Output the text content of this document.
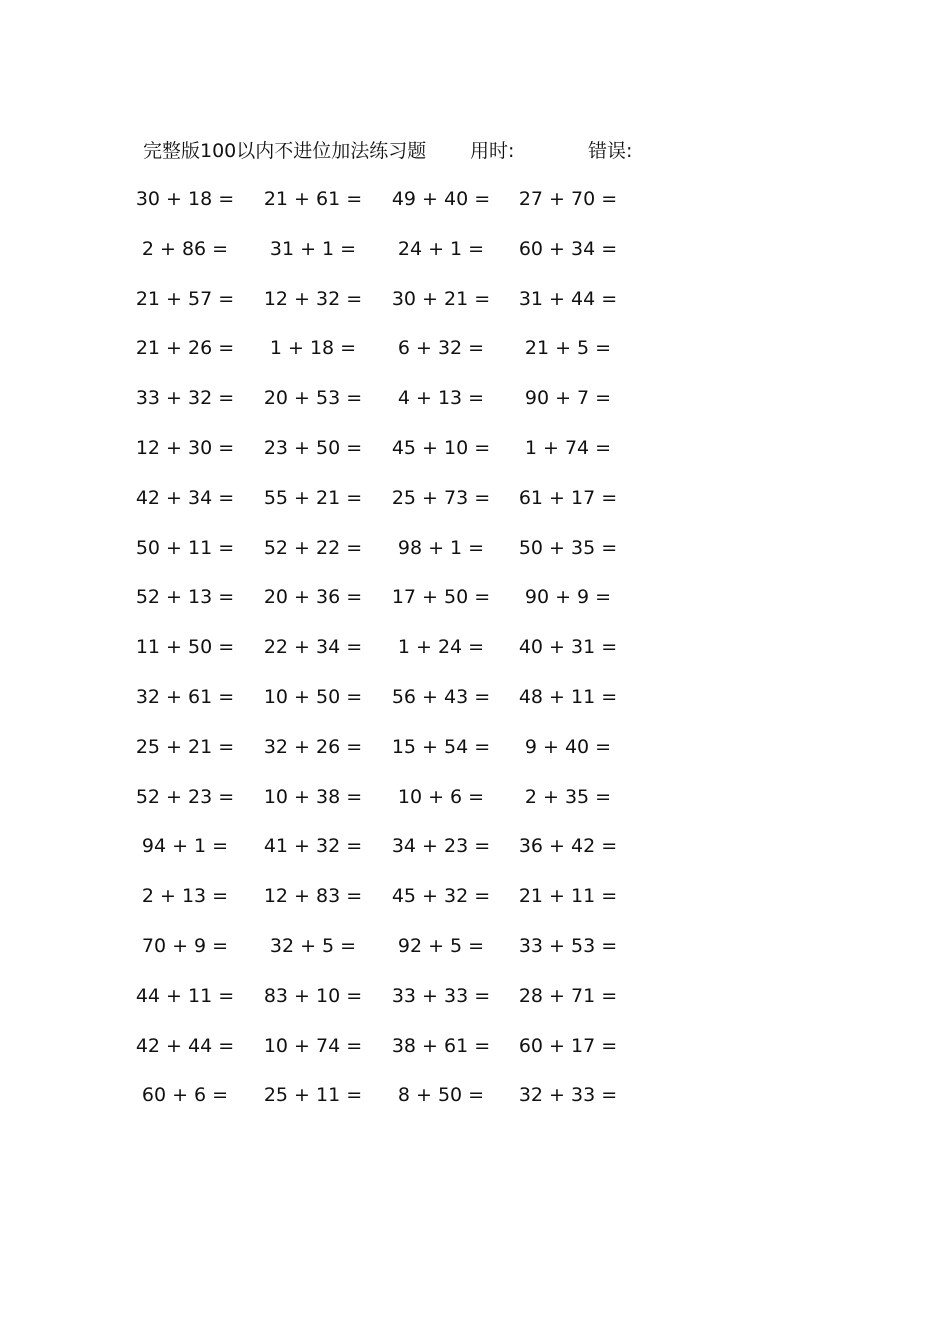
完整版100以内不进位加法练习题 用时:	错误:
30 + 18 =	21 + 61 =	49 + 40 =	27 + 70 =
2 + 86 =	31 + 1 =	24 + 1 =	60 + 34 =
21 + 57 =	12 + 32 =	30 + 21 =	31 + 44 =
21 + 26 =	1 + 18 =	6 + 32 =	21 + 5 =
33 + 32 =	20 + 53 =	4 + 13 =	90 + 7 =
12 + 30 =	23 + 50 =	45 + 10 =	1 + 74 =
42 + 34 =	55 + 21 =	25 + 73 =	61 + 17 =
50 + 11 =	52 + 22 =	98 + 1 =	50 + 35 =
52 + 13 =	20 + 36 =	17 + 50 =	90 + 9 =
11 + 50 =	22 + 34 =	1 + 24 =	40 + 31 =
32 + 61 =	10 + 50 =	56 + 43 =	48 + 11 =
25 + 21 =	32 + 26 =	15 + 54 =	9 + 40 =
52 + 23 =	10 + 38 =	10 + 6 =	2 + 35 =
94 + 1 =	41 + 32 =	34 + 23 =	36 + 42 =
2 + 13 =	12 + 83 =	45 + 32 =	21 + 11 =
70 + 9 =	32 + 5 =	92 + 5 =	33 + 53 =
44 + 11 =	83 + 10 =	33 + 33 =	28 + 71 =
42 + 44 =	10 + 74 =	38 + 61 =	60 + 17 =
60 + 6 =	25 + 11 =	8 + 50 =	32 + 33 =
